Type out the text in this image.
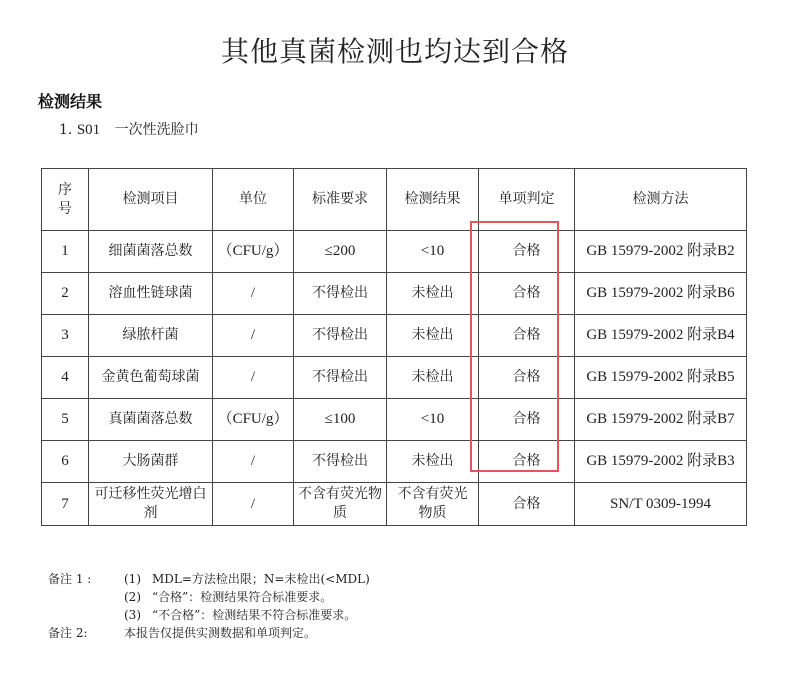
其他真菌检测也均达到合格
检测结果
1. S01 一次性洗脸巾
序
号	检测项目	单位	标准要求	检测结果	单项判定	检测方法
1	细菌菌落总数	（CFU/g）	≤200	<10	合格	GB 15979-2002 附录B2
2	溶血性链球菌	/	不得检出	未检出	合格	GB 15979-2002 附录B6
3	绿脓杆菌	/	不得检出	未检出	合格	GB 15979-2002 附录B4
4	金黄色葡萄球菌	/	不得检出	未检出	合格	GB 15979-2002 附录B5
5	真菌菌落总数	（CFU/g）	≤100	<10	合格	GB 15979-2002 附录B7
6	大肠菌群	/	不得检出	未检出	合格	GB 15979-2002 附录B3
7	可迁移性荧光增白剂	/	不含有荧光物质	不含有荧光物质	合格	SN/T 0309-1994
备注 1 :	(1) MDL=方法检出限；N=未检出(<MDL)
(2) “合格”：检测结果符合标准要求。
(3) “不合格”：检测结果不符合标准要求。
备注 2:	本报告仅提供实测数据和单项判定。
